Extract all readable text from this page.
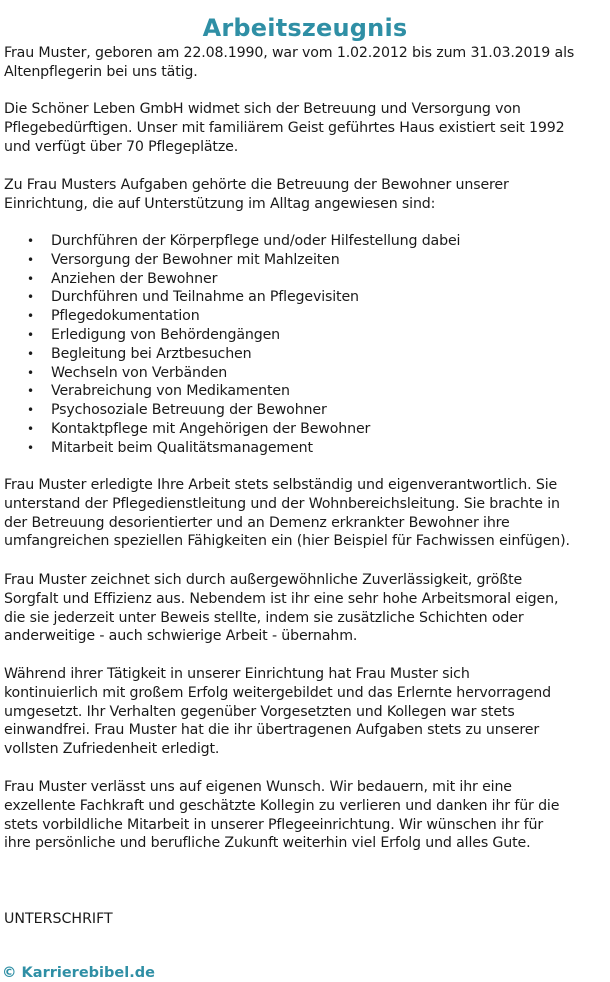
Arbeitszeugnis

Frau Muster, geboren am 22.08.1990, war vom 1.02.2012 bis zum 31.03.2019 als
Altenpflegerin bei uns tätig.

Die Schöner Leben GmbH widmet sich der Betreuung und Versorgung von
Pflegebedürftigen. Unser mit familiärem Geist geführtes Haus existiert seit 1992
und verfügt über 70 Pflegeplätze.

Zu Frau Musters Aufgaben gehörte die Betreuung der Bewohner unserer
Einrichtung, die auf Unterstützung im Alltag angewiesen sind:

• Durchführen der Körperpflege und/oder Hilfestellung dabei
• Versorgung der Bewohner mit Mahlzeiten
• Anziehen der Bewohner
• Durchführen und Teilnahme an Pflegevisiten
• Pflegedokumentation
• Erledigung von Behördengängen
• Begleitung bei Arztbesuchen
• Wechseln von Verbänden
• Verabreichung von Medikamenten
• Psychosoziale Betreuung der Bewohner
• Kontaktpflege mit Angehörigen der Bewohner
• Mitarbeit beim Qualitätsmanagement

Frau Muster erledigte Ihre Arbeit stets selbständig und eigenverantwortlich. Sie
unterstand der Pflegedienstleitung und der Wohnbereichsleitung. Sie brachte in
der Betreuung desorientierter und an Demenz erkrankter Bewohner ihre
umfangreichen speziellen Fähigkeiten ein (hier Beispiel für Fachwissen einfügen).

Frau Muster zeichnet sich durch außergewöhnliche Zuverlässigkeit, größte
Sorgfalt und Effizienz aus. Nebendem ist ihr eine sehr hohe Arbeitsmoral eigen,
die sie jederzeit unter Beweis stellte, indem sie zusätzliche Schichten oder
anderweitige - auch schwierige Arbeit - übernahm.

Während ihrer Tätigkeit in unserer Einrichtung hat Frau Muster sich
kontinuierlich mit großem Erfolg weitergebildet und das Erlernte hervorragend
umgesetzt. Ihr Verhalten gegenüber Vorgesetzten und Kollegen war stets
einwandfrei. Frau Muster hat die ihr übertragenen Aufgaben stets zu unserer
vollsten Zufriedenheit erledigt.

Frau Muster verlässt uns auf eigenen Wunsch. Wir bedauern, mit ihr eine
exzellente Fachkraft und geschätzte Kollegin zu verlieren und danken ihr für die
stets vorbildliche Mitarbeit in unserer Pflegeeinrichtung. Wir wünschen ihr für
ihre persönliche und berufliche Zukunft weiterhin viel Erfolg und alles Gute.

UNTERSCHRIFT
© Karrierebibel.de
